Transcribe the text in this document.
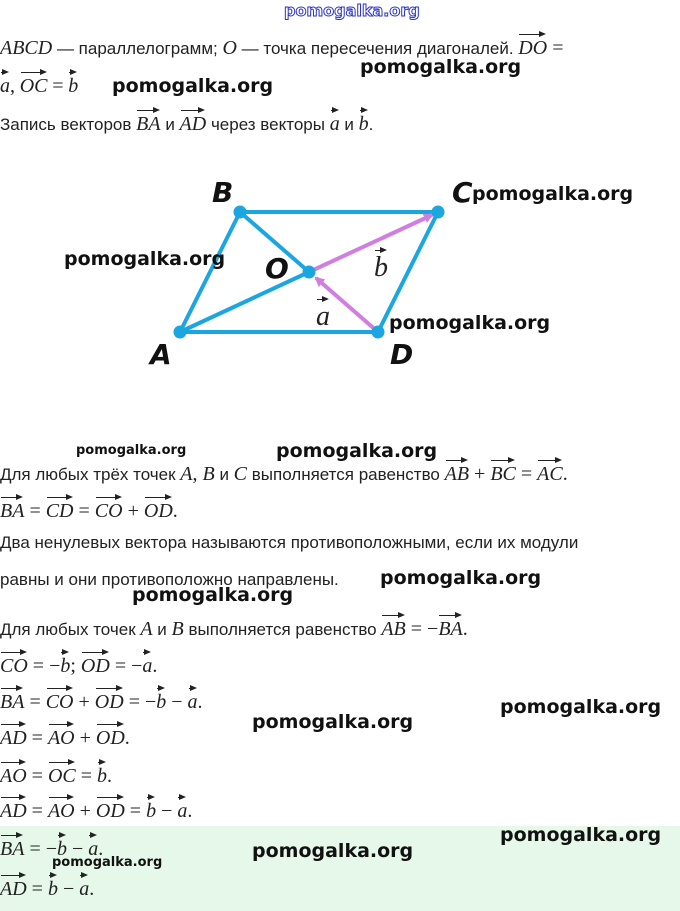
pomogalka.org
ABCD — параллелограмм; O — точка пересечения диагоналей. DO =
a, OC = b pomogalka.org
pomogalka.org
Запись векторов BA и AD через векторы a и b.
B	C
O
A	D
b
a
pomogalka.org
pomogalka.org
pomogalka.org
pomogalka.org	pomogalka.org
Для любых трёх точек A, B и C выполняется равенство AB + BC = AC.
BA = CD = CO + OD.
Два ненулевых вектора называются противоположными, если их модули
равны и они противоположно направлены. pomogalka.org
pomogalka.org
Для любых точек A и B выполняется равенство AB = −BA.
CO = −b; OD = −a.
BA = CO + OD = −b − a.	pomogalka.org
pomogalka.org
AD = AO + OD.
AO = OC = b.
AD = AO + OD = b − a.
BA = −b − a.
pomogalka.org
pomogalka.org
pomogalka.org
AD = b − a.
